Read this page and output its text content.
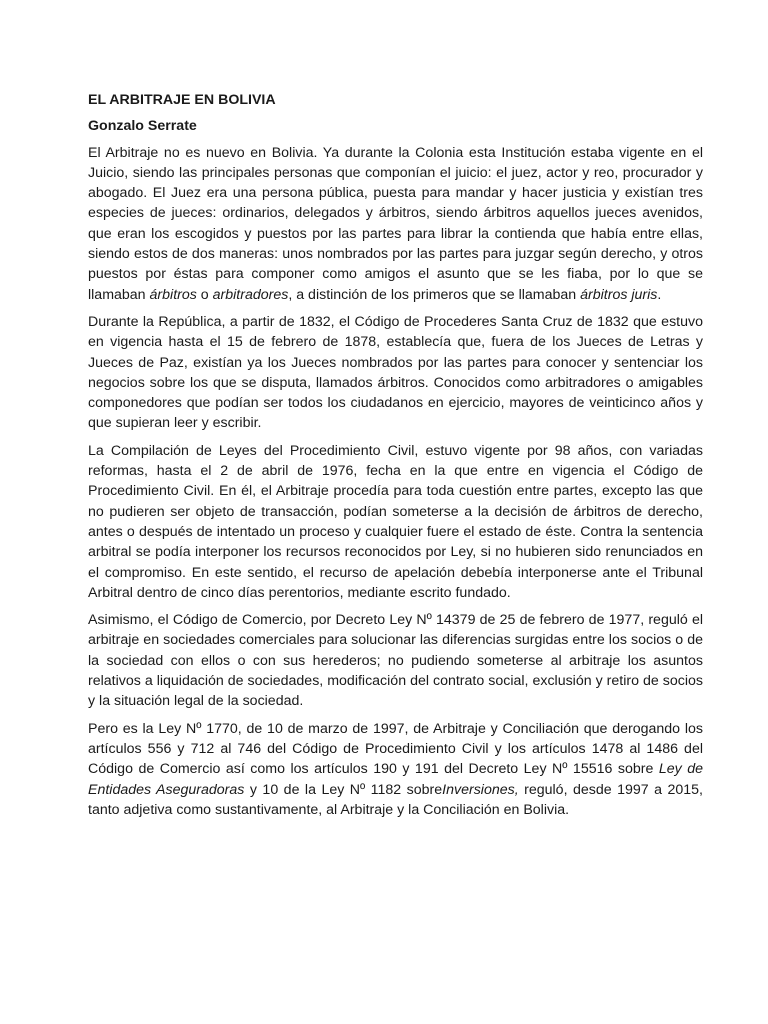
EL ARBITRAJE EN BOLIVIA
Gonzalo Serrate

El Arbitraje no es nuevo en Bolivia. Ya durante la Colonia esta Institución estaba vigente en el Juicio, siendo las principales personas que componían el juicio: el juez, actor y reo, procurador y abogado. El Juez era una persona pública, puesta para mandar y hacer justicia y existían tres especies de jueces: ordinarios, delegados y árbitros, siendo árbitros aquellos jueces avenidos, que eran los escogidos y puestos por las partes para librar la contienda que había entre ellas, siendo estos de dos maneras: unos nombrados por las partes para juzgar según derecho, y otros puestos por éstas para componer como amigos el asunto que se les fiaba, por lo que se llamaban árbitros o arbitradores, a distinción de los primeros que se llamaban árbitros juris.

Durante la República, a partir de 1832, el Código de Procederes Santa Cruz de 1832 que estuvo en vigencia hasta el 15 de febrero de 1878, establecía que, fuera de los Jueces de Letras y Jueces de Paz, existían ya los Jueces nombrados por las partes para conocer y sentenciar los negocios sobre los que se disputa, llamados árbitros. Conocidos como arbitradores o amigables componedores que podían ser todos los ciudadanos en ejercicio, mayores de veinticinco años y que supieran leer y escribir.

La Compilación de Leyes del Procedimiento Civil, estuvo vigente por 98 años, con variadas reformas, hasta el 2 de abril de 1976, fecha en la que entre en vigencia el Código de Procedimiento Civil. En él, el Arbitraje procedía para toda cuestión entre partes, excepto las que no pudieren ser objeto de transacción, podían someterse a la decisión de árbitros de derecho, antes o después de intentado un proceso y cualquier fuere el estado de éste. Contra la sentencia arbitral se podía interponer los recursos reconocidos por Ley, si no hubieren sido renunciados en el compromiso. En este sentido, el recurso de apelación debebía interponerse ante el Tribunal Arbitral dentro de cinco días perentorios, mediante escrito fundado.

Asimismo, el Código de Comercio, por Decreto Ley Nº 14379 de 25 de febrero de 1977, reguló el arbitraje en sociedades comerciales para solucionar las diferencias surgidas entre los socios o de la sociedad con ellos o con sus herederos; no pudiendo someterse al arbitraje los asuntos relativos a liquidación de sociedades, modificación del contrato social, exclusión y retiro de socios y la situación legal de la sociedad.

Pero es la Ley Nº 1770, de 10 de marzo de 1997, de Arbitraje y Conciliación que derogando los artículos 556 y 712 al 746 del Código de Procedimiento Civil y los artículos 1478 al 1486 del Código de Comercio así como los artículos 190 y 191 del Decreto Ley Nº 15516 sobre Ley de Entidades Aseguradoras y 10 de la Ley Nº 1182 sobreInversiones, reguló, desde 1997 a 2015, tanto adjetiva como sustantivamente, al Arbitraje y la Conciliación en Bolivia.
